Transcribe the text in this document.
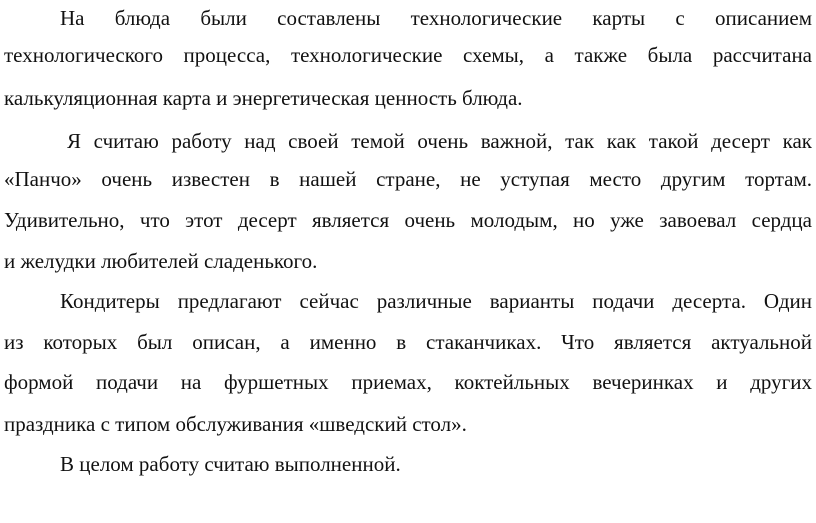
На блюда были составлены технологические карты с описанием
технологического процесса, технологические схемы, а также была рассчитана
калькуляционная карта и энергетическая ценность блюда.
Я считаю работу над своей темой очень важной, так как такой десерт как
«Панчо» очень известен в нашей стране, не уступая место другим тортам.
Удивительно, что этот десерт является очень молодым, но уже завоевал сердца
и желудки любителей сладенького.
Кондитеры предлагают сейчас различные варианты подачи десерта. Один
из которых был описан, а именно в стаканчиках. Что является актуальной
формой подачи на фуршетных приемах, коктейльных вечеринках и других
праздника с типом обслуживания «шведский стол».
В целом работу считаю выполненной.
